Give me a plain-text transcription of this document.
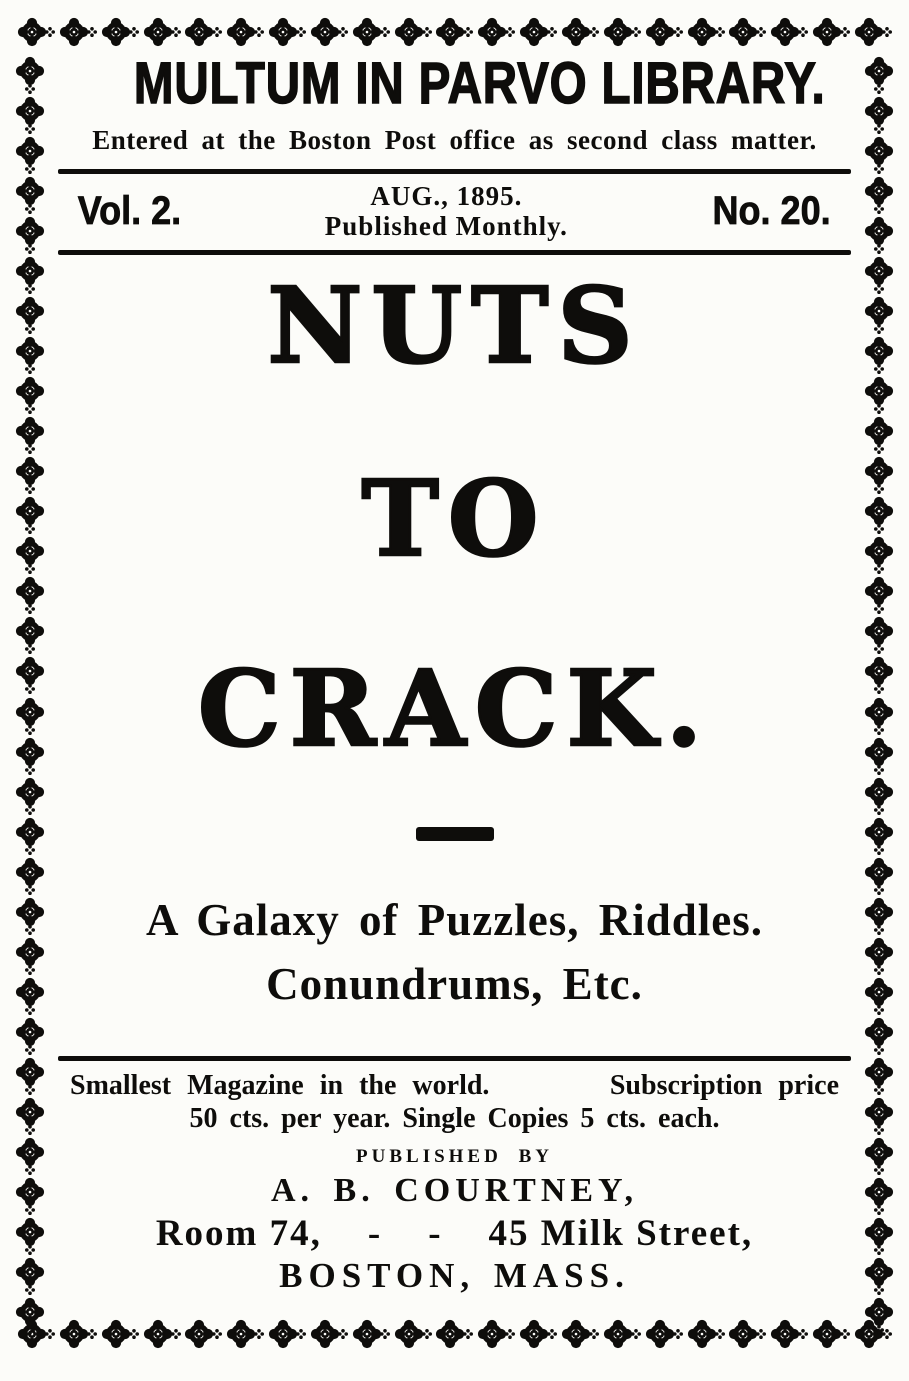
MULTUM IN PARVO LIBRARY.
Entered at the Boston Post office as second class matter.
Vol. 2.	AUG., 1895.
Published Monthly.	No. 20.
NUTS
TO
CRACK.
A Galaxy of Puzzles, Riddles.
Conundrums, Etc.
Smallest Magazine in the world.	Subscription price
50 cts. per year. Single Copies 5 cts. each.
PUBLISHED BY
A. B. COURTNEY,
Room 74, - - 45 Milk Street,
BOSTON, MASS.
